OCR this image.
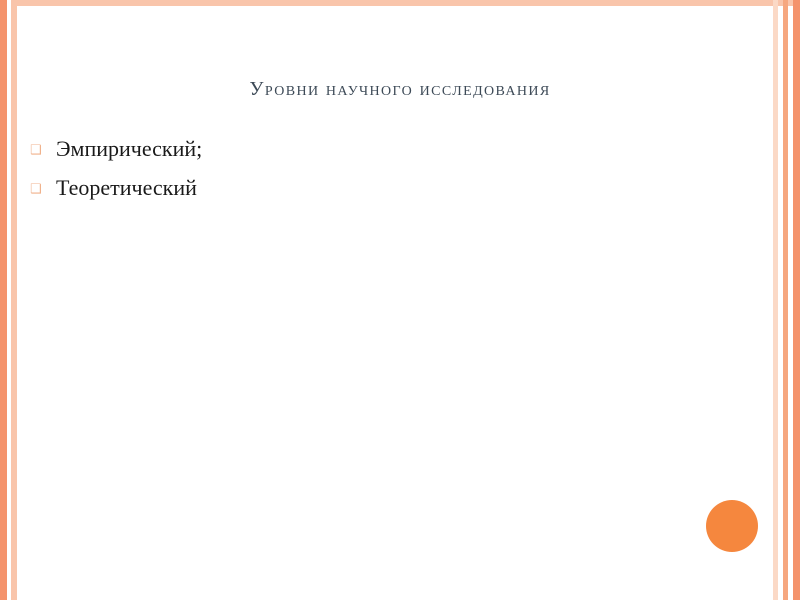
Уровни научного исследования
❑ Эмпирический;
❑ Теоретический
